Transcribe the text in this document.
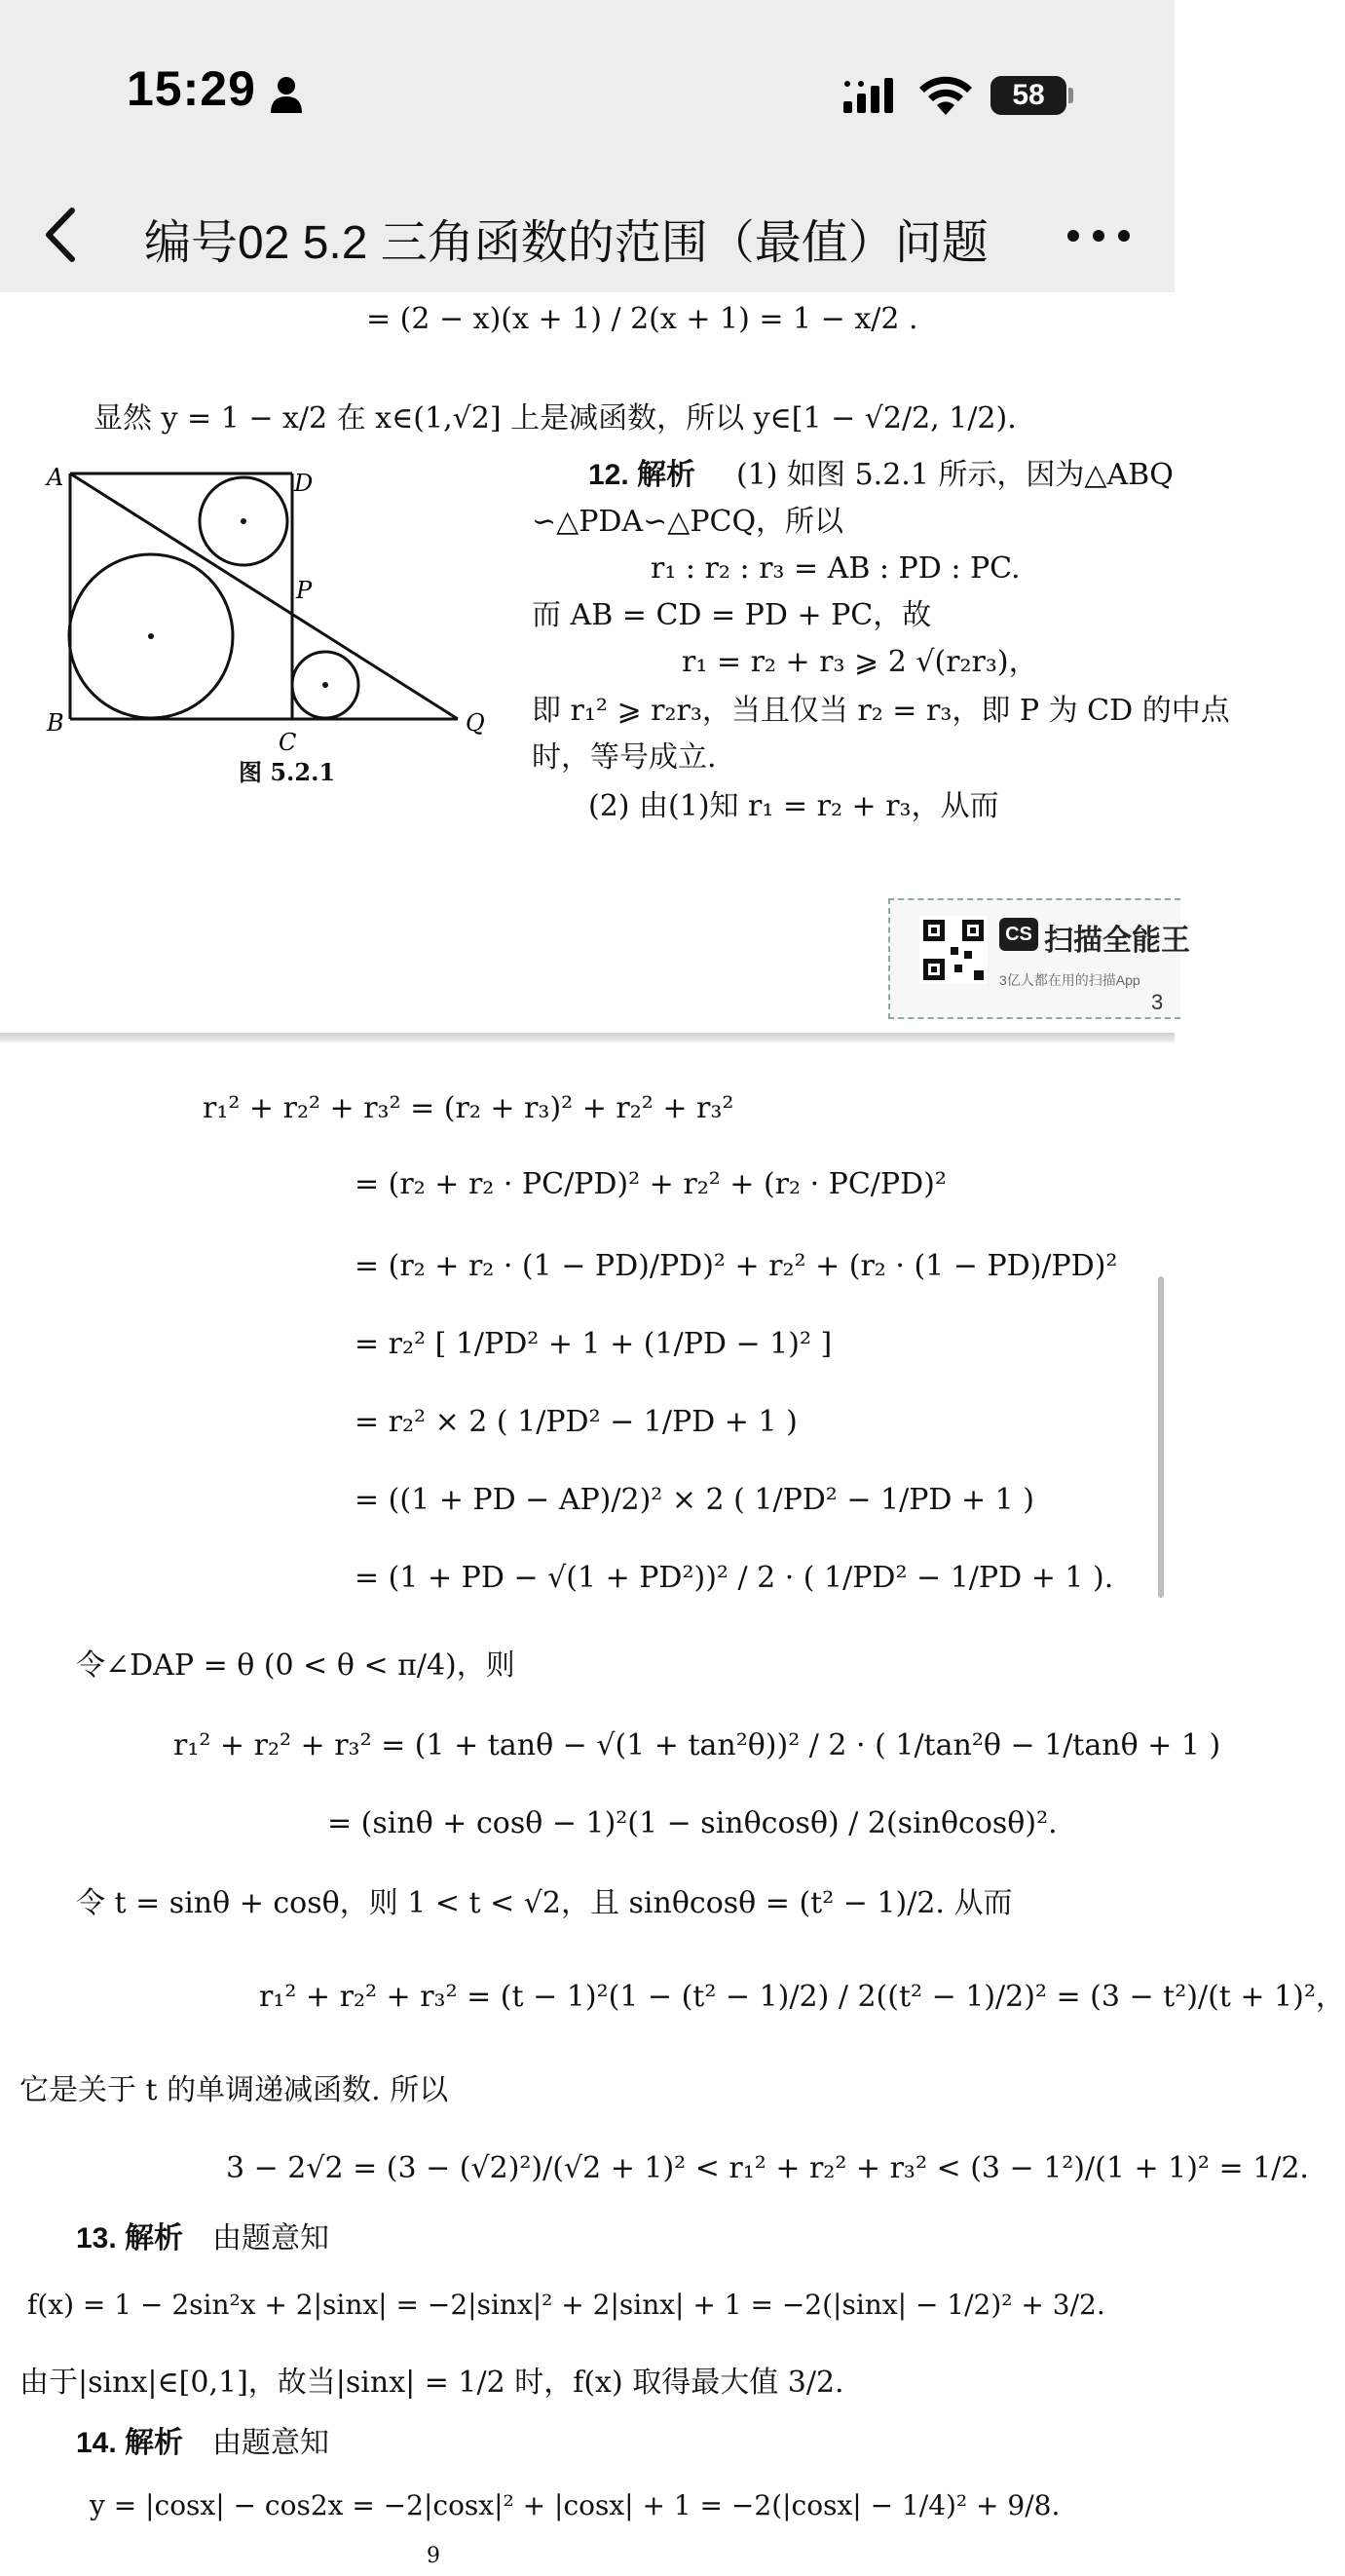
15:29	58
编号02 5.2 三角函数的范围（最值）问题
= (2 − x)(x + 1) / 2(x + 1) = 1 − x/2 .
显然 y = 1 − x/2 在 x∈(1,√2] 上是减函数，所以 y∈[1 − √2/2, 1/2).
A	D
P
B
C
Q
图 5.2.1
12. 解析 (1) 如图 5.2.1 所示，因为△ABQ
∽△PDA∽△PCQ，所以
r₁ : r₂ : r₃ = AB : PD : PC.
而 AB = CD = PD + PC，故
r₁ = r₂ + r₃ ⩾ 2 √(r₂r₃)，
即 r₁² ⩾ r₂r₃，当且仅当 r₂ = r₃，即 P 为 CD 的中点
时，等号成立.
(2) 由(1)知 r₁ = r₂ + r₃，从而
CS 扫描全能王
3亿人都在用的扫描App
3
r₁² + r₂² + r₃² = (r₂ + r₃)² + r₂² + r₃²
= (r₂ + r₂ · PC/PD)² + r₂² + (r₂ · PC/PD)²
= (r₂ + r₂ · (1 − PD)/PD)² + r₂² + (r₂ · (1 − PD)/PD)²
= r₂² [ 1/PD² + 1 + (1/PD − 1)² ]
= r₂² × 2 ( 1/PD² − 1/PD + 1 )
= ((1 + PD − AP)/2)² × 2 ( 1/PD² − 1/PD + 1 )
= (1 + PD − √(1 + PD²))² / 2 · ( 1/PD² − 1/PD + 1 ).
令∠DAP = θ (0 < θ < π/4)，则
r₁² + r₂² + r₃² = (1 + tanθ − √(1 + tan²θ))² / 2 · ( 1/tan²θ − 1/tanθ + 1 )
= (sinθ + cosθ − 1)²(1 − sinθcosθ) / 2(sinθcosθ)².
令 t = sinθ + cosθ，则 1 < t < √2，且 sinθcosθ = (t² − 1)/2. 从而
r₁² + r₂² + r₃² = (t − 1)²(1 − (t² − 1)/2) / 2((t² − 1)/2)² = (3 − t²)/(t + 1)²，
它是关于 t 的单调递减函数. 所以
3 − 2√2 = (3 − (√2)²)/(√2 + 1)² < r₁² + r₂² + r₃² < (3 − 1²)/(1 + 1)² = 1/2.
13. 解析 由题意知
f(x) = 1 − 2sin²x + 2|sinx| = −2|sinx|² + 2|sinx| + 1 = −2(|sinx| − 1/2)² + 3/2.
由于|sinx|∈[0,1]，故当|sinx| = 1/2 时，f(x) 取得最大值 3/2.
14. 解析 由题意知
y = |cosx| − cos2x = −2|cosx|² + |cosx| + 1 = −2(|cosx| − 1/4)² + 9/8.
9
